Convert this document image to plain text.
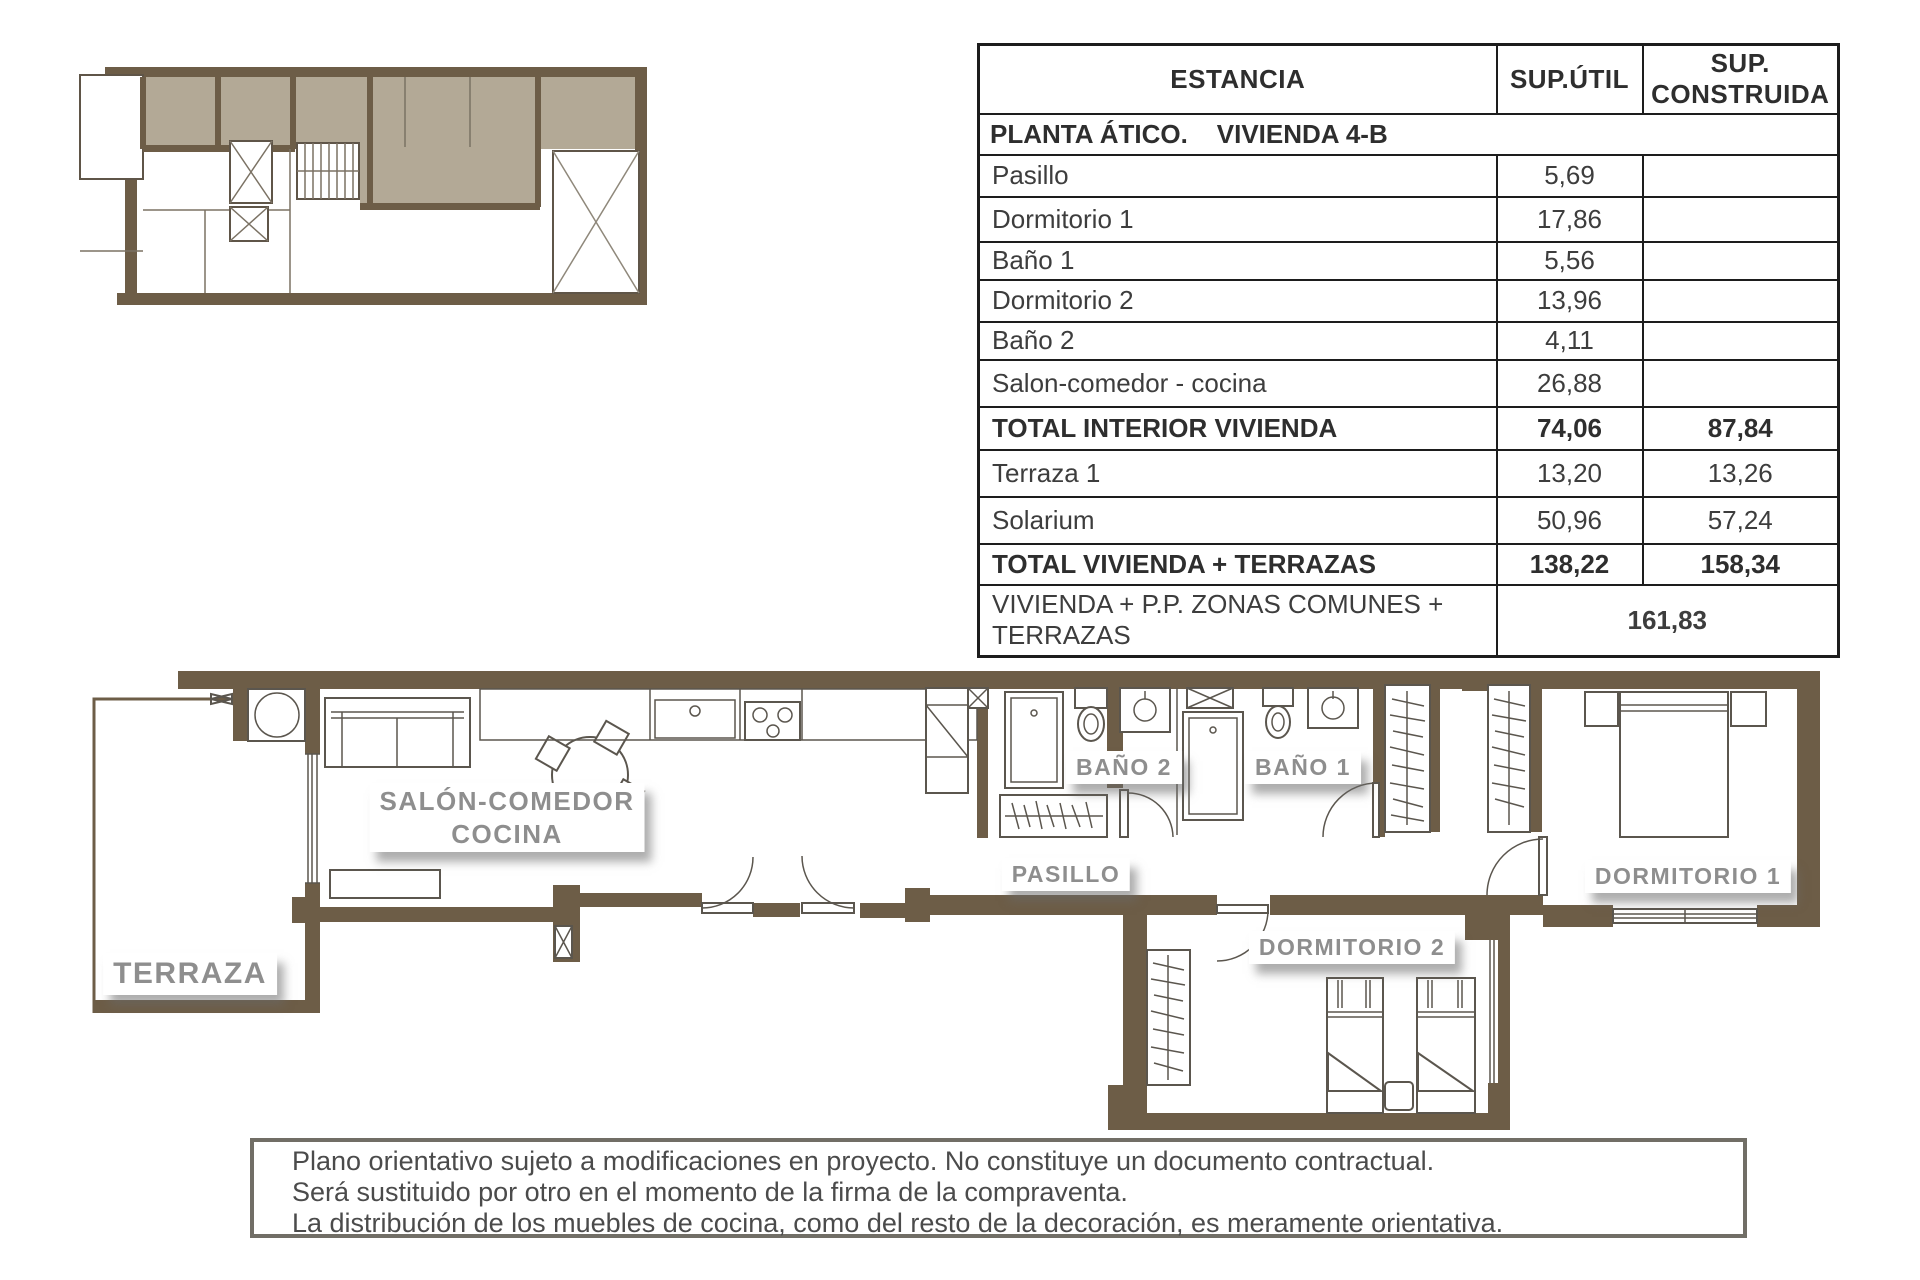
ESTANCIA	SUP.ÚTIL	SUP. CONSTRUIDA
PLANTA ÁTICO.    VIVIENDA 4-B		
Pasillo	5,69	
Dormitorio 1	17,86	
Baño 1	5,56	
Dormitorio 2	13,96	
Baño 2	4,11	
Salon-comedor - cocina	26,88	
TOTAL INTERIOR VIVIENDA	74,06	87,84
Terraza 1	13,20	13,26
Solarium	50,96	57,24
TOTAL VIVIENDA + TERRAZAS	138,22	158,34
VIVIENDA + P.P. ZONAS COMUNES + TERRAZAS	161,83	
TERRAZA
SALÓN-COMEDOR
COCINA
BAÑO 2	BAÑO 1
PASILLO	DORMITORIO 1
DORMITORIO 2
Plano orientativo sujeto a modificaciones en proyecto. No constituye un documento contractual.
Será sustituido por otro en el momento de la firma de la compraventa.
La distribución de los muebles de cocina, como del resto de la decoración, es meramente orientativa.
